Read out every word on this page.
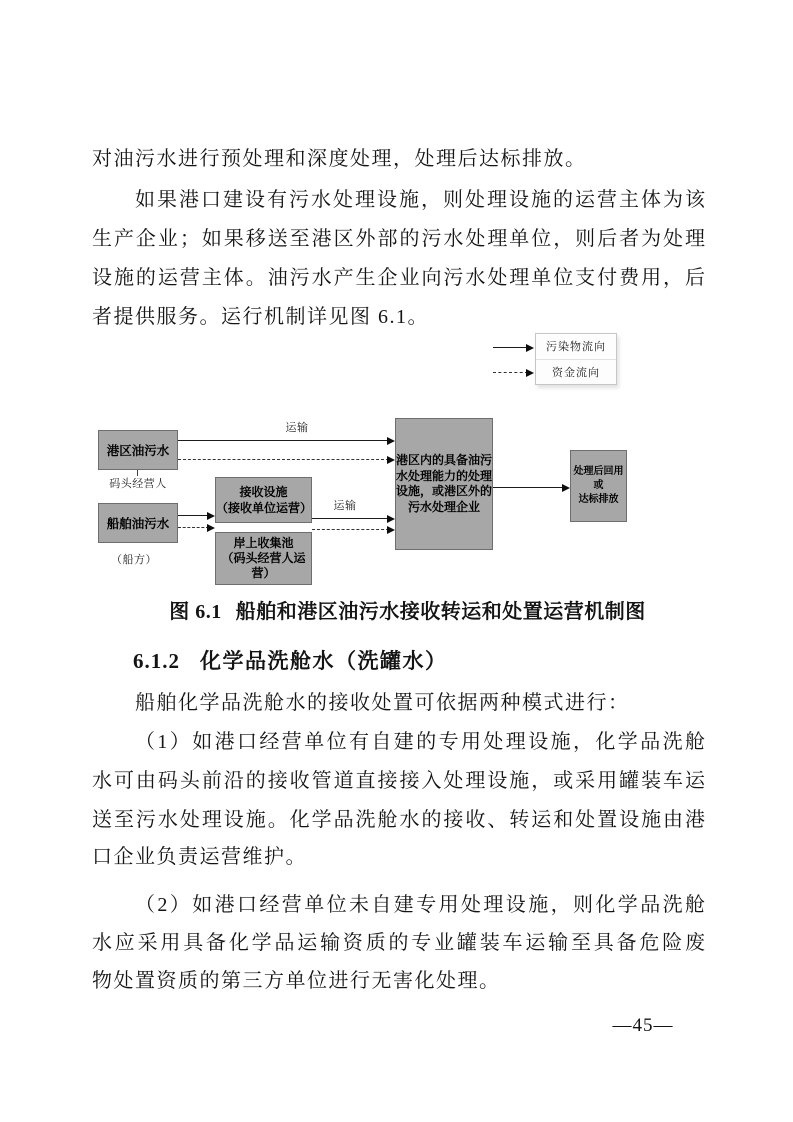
对油污水进行预处理和深度处理，处理后达标排放。
如果港口建设有污水处理设施，则处理设施的运营主体为该
生产企业；如果移送至港区外部的污水处理单位，则后者为处理
设施的运营主体。油污水产生企业向污水处理单位支付费用，后
者提供服务。运行机制详见图 6.1。
污染物流向
资金流向
港区油污水
码头经营人
船舶油污水
（船方）
接收设施
（接收单位运营）
岸上收集池
（码头经营人运
营）
港区内的具备油污
水处理能力的处理
设施，或港区外的
污水处理企业
处理后回用或
达标排放
运输
运输
图 6.1 船舶和港区油污水接收转运和处置运营机制图
6.1.2 化学品洗舱水（洗罐水）
船舶化学品洗舱水的接收处置可依据两种模式进行：
（1）如港口经营单位有自建的专用处理设施，化学品洗舱
水可由码头前沿的接收管道直接接入处理设施，或采用罐装车运
送至污水处理设施。化学品洗舱水的接收、转运和处置设施由港
口企业负责运营维护。
（2）如港口经营单位未自建专用处理设施，则化学品洗舱
水应采用具备化学品运输资质的专业罐装车运输至具备危险废
物处置资质的第三方单位进行无害化处理。
—45—
